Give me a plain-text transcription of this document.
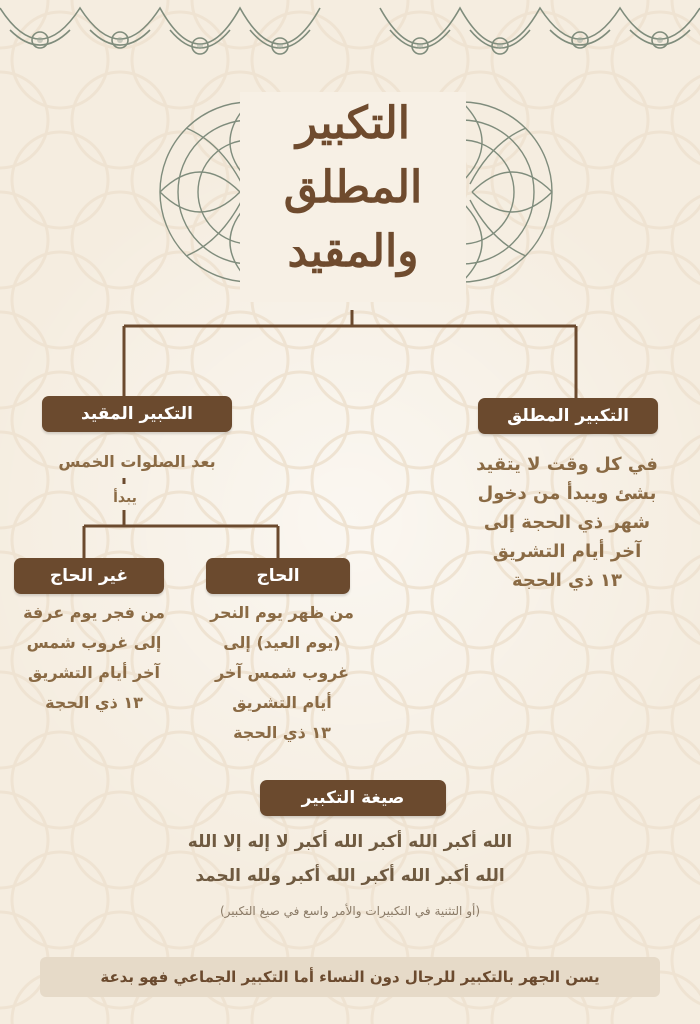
التكبير
المطلق
والمقيد
التكبير المطلق
في كل وقت لا يتقيد
بشئ ويبدأ من دخول
شهر ذي الحجة إلى
آخر أيام التشريق
١٣ ذي الحجة
التكبير المقيد
بعد الصلوات الخمس
يبدأ
الحاج
من ظهر يوم النحر
(يوم العيد) إلى
غروب شمس آخر
أيام التشريق
١٣ ذي الحجة
غير الحاج
من فجر يوم عرفة
إلى غروب شمس
آخر أيام التشريق
١٣ ذي الحجة
صيغة التكبير
الله أكبر الله أكبر الله أكبر لا إله إلا الله
الله أكبر الله أكبر الله أكبر ولله الحمد
(أو التثنية في التكبيرات والأمر واسع في صيغ التكبير)
يسن الجهر بالتكبير للرجال دون النساء أما التكبير الجماعي فهو بدعة
